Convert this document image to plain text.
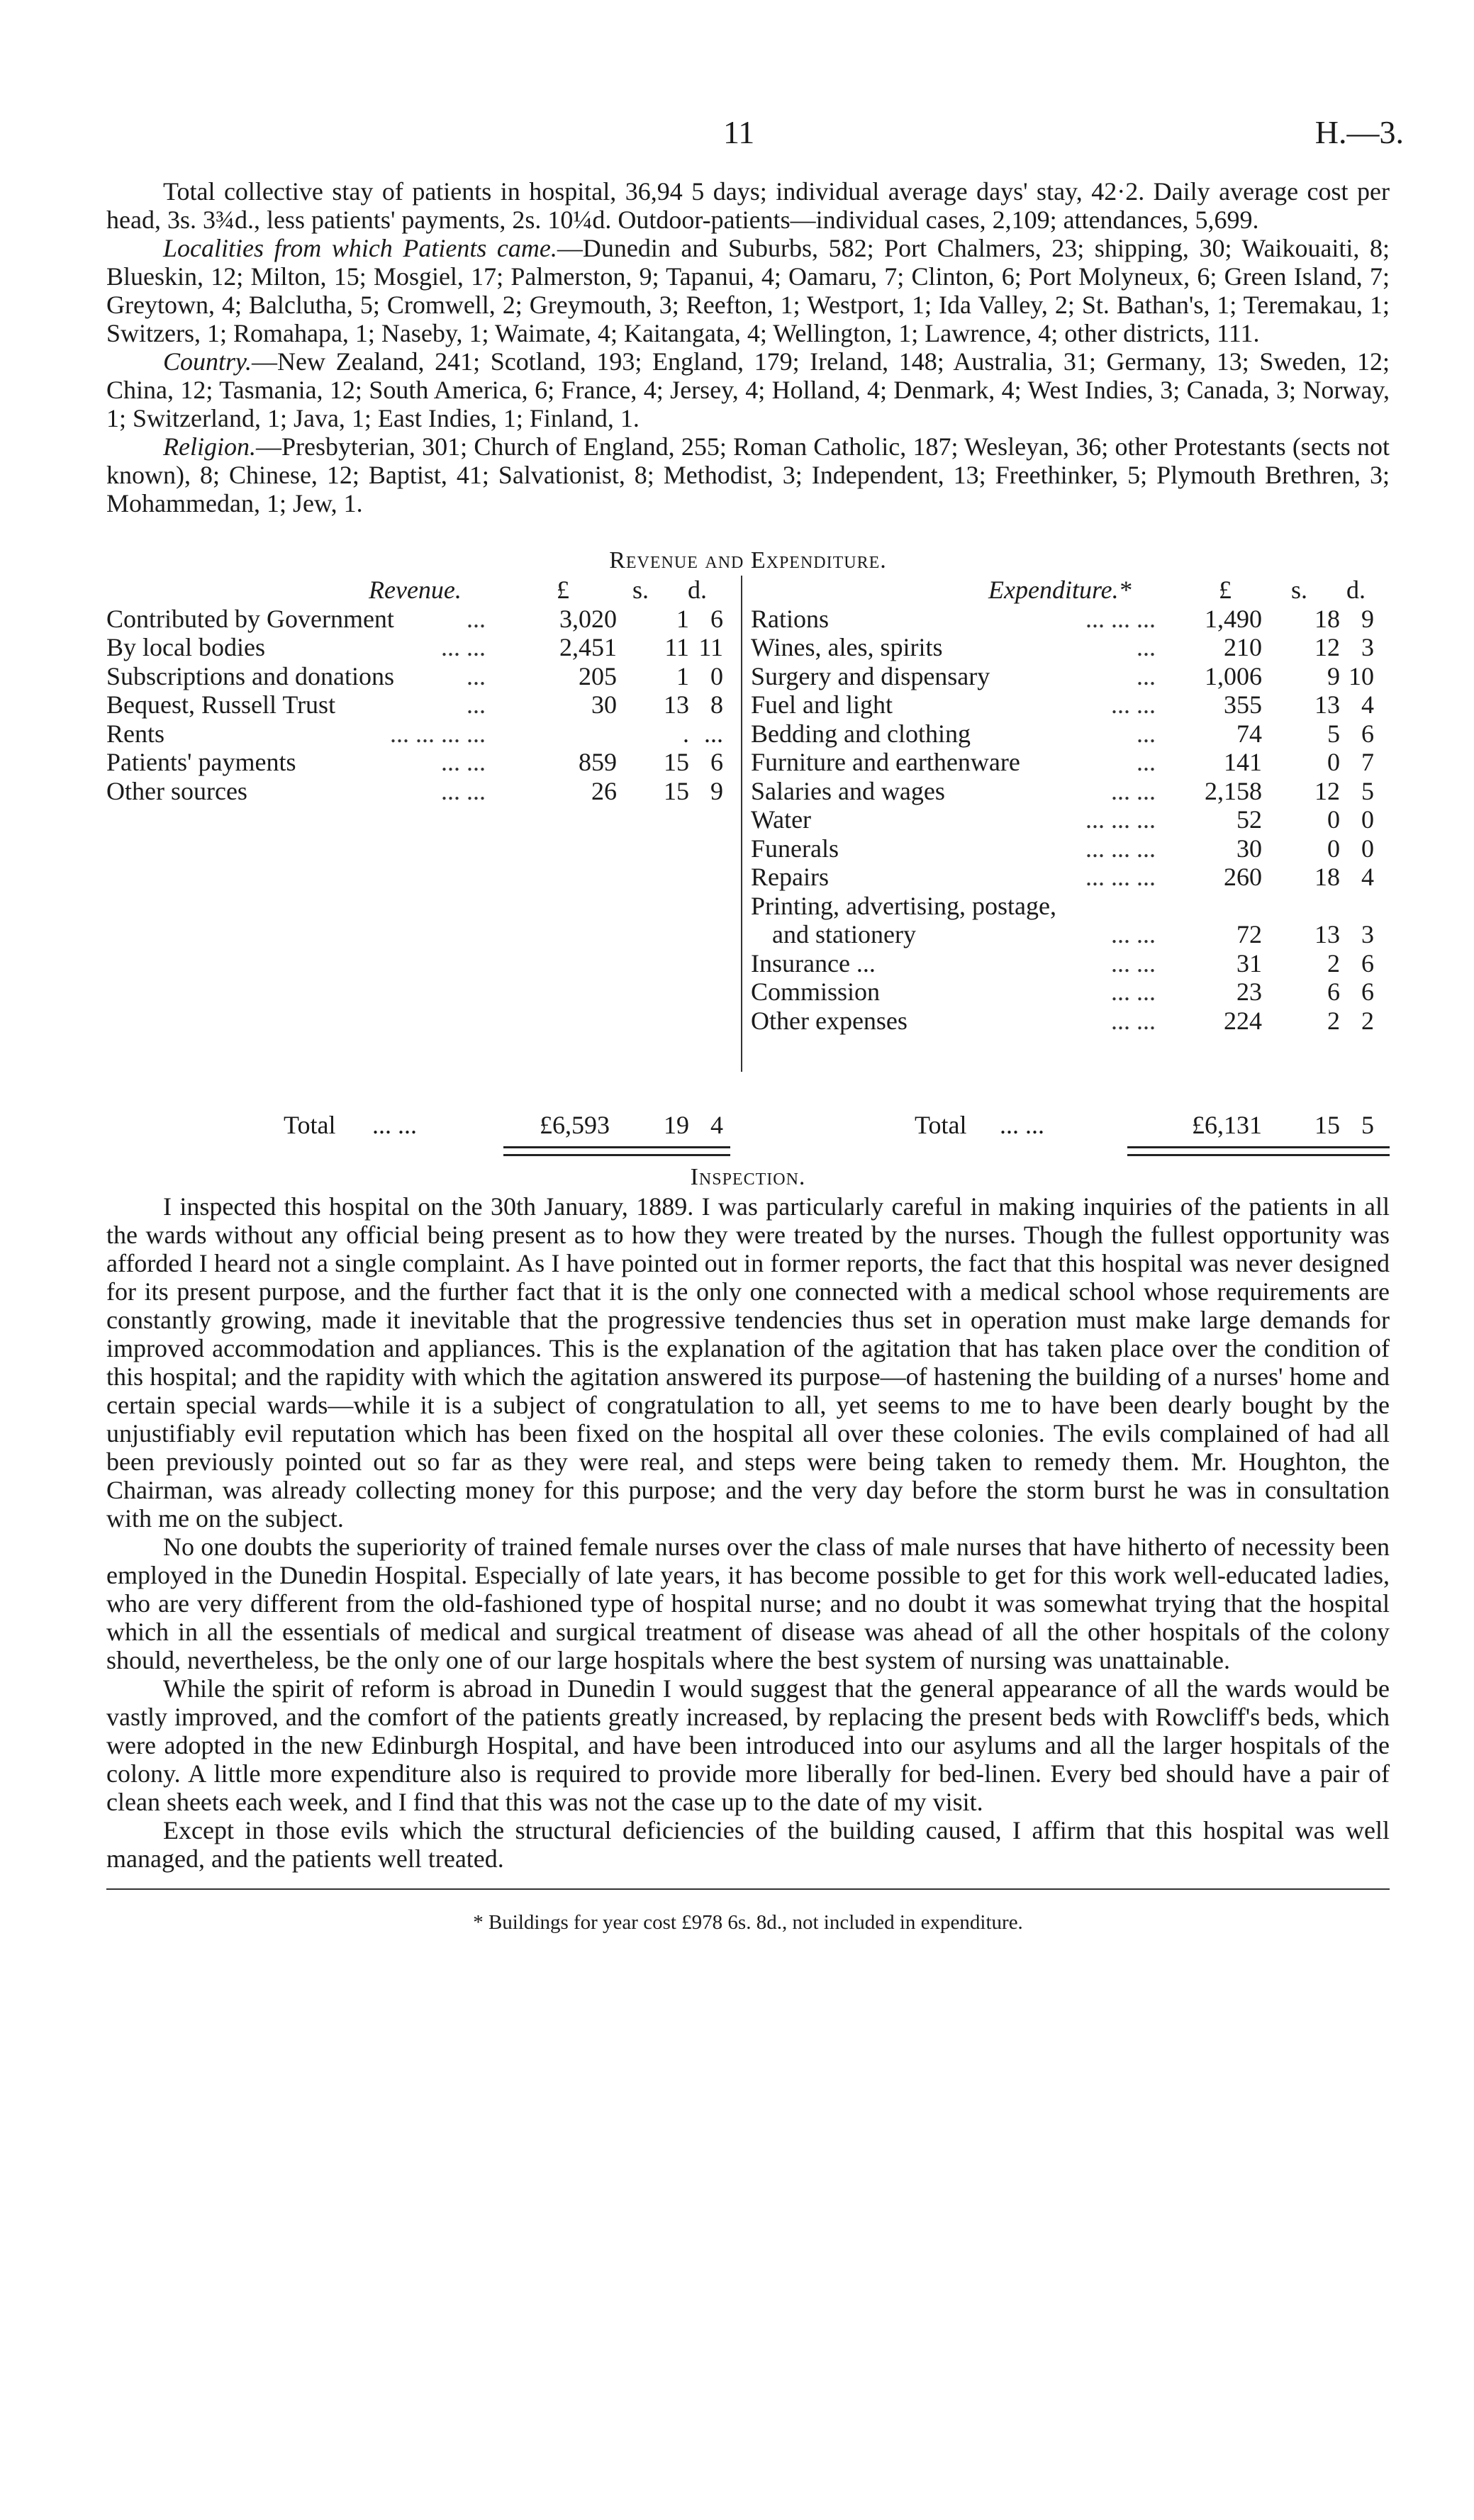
11	H.—3.

Total collective stay of patients in hospital, 36,94 5 days; individual average days' stay, 42·2. Daily average cost per head, 3s. 3¾d., less patients' payments, 2s. 10¼d. Outdoor-patients—individual cases, 2,109; attendances, 5,699.

Localities from which Patients came.—Dunedin and Suburbs, 582; Port Chalmers, 23; shipping, 30; Waikouaiti, 8; Blueskin, 12; Milton, 15; Mosgiel, 17; Palmerston, 9; Tapanui, 4; Oamaru, 7; Clinton, 6; Port Molyneux, 6; Green Island, 7; Greytown, 4; Balclutha, 5; Cromwell, 2; Greymouth, 3; Reefton, 1; Westport, 1; Ida Valley, 2; St. Bathan's, 1; Teremakau, 1; Switzers, 1; Romahapa, 1; Naseby, 1; Waimate, 4; Kaitangata, 4; Wellington, 1; Lawrence, 4; other districts, 111.

Country.—New Zealand, 241; Scotland, 193; England, 179; Ireland, 148; Australia, 31; Germany, 13; Sweden, 12; China, 12; Tasmania, 12; South America, 6; France, 4; Jersey, 4; Holland, 4; Denmark, 4; West Indies, 3; Canada, 3; Norway, 1; Switzerland, 1; Java, 1; East Indies, 1; Finland, 1.

Religion.—Presbyterian, 301; Church of England, 255; Roman Catholic, 187; Wesleyan, 36; other Protestants (sects not known), 8; Chinese, 12; Baptist, 41; Salvationist, 8; Methodist, 3; Independent, 13; Freethinker, 5; Plymouth Brethren, 3; Mohammedan, 1; Jew, 1.

Revenue and Expenditure.
Revenue.	£ s. d.
Contributed by Government	...	3,020 1 6
By local bodies	... ...	2,451 11 11
Subscriptions and donations	...	205 1 0
Bequest, Russell Trust	...	30 13 8
Rents	... ... ... ...	. ...
Patients' payments	... ...	859 15 6
Other sources	... ...	26 15 9
Expenditure.*	£ s. d.
Rations	... ... ... 1,490 18 9
Wines, ales, spirits	...	210 12 3
Surgery and dispensary	... 1,006	9 10
Fuel and light	... ...	355 13 4
Bedding and clothing	...	74	5 6
Furniture and earthenware	...	141	0 7
Salaries and wages	... ... 2,158 12 5
Water	... ... ...	52	0 0
Funerals	... ... ...	30	0 0
Repairs	... ... ...	260 18 4
Printing, advertising, postage,
and stationery	... ...	72 13 3
Insurance ...	... ...	31	2 6
Commission	... ...	23	6 6
Other expenses	... ...	224	2 2
Total ... ...	£6,593 19 4	Total ... ...	£6,131 15 5
Inspection.

I inspected this hospital on the 30th January, 1889. I was particularly careful in making inquiries of the patients in all the wards without any official being present as to how they were treated by the nurses. Though the fullest opportunity was afforded I heard not a single complaint. As I have pointed out in former reports, the fact that this hospital was never designed for its present purpose, and the further fact that it is the only one connected with a medical school whose requirements are constantly growing, made it inevitable that the progressive tendencies thus set in operation must make large demands for improved accommodation and appliances. This is the explanation of the agitation that has taken place over the condition of this hospital; and the rapidity with which the agitation answered its purpose—of hastening the building of a nurses' home and certain special wards—while it is a subject of congratulation to all, yet seems to me to have been dearly bought by the unjustifiably evil reputation which has been fixed on the hospital all over these colonies. The evils complained of had all been previously pointed out so far as they were real, and steps were being taken to remedy them. Mr. Houghton, the Chairman, was already collecting money for this purpose; and the very day before the storm burst he was in consultation with me on the subject.

No one doubts the superiority of trained female nurses over the class of male nurses that have hitherto of necessity been employed in the Dunedin Hospital. Especially of late years, it has become possible to get for this work well-educated ladies, who are very different from the old-fashioned type of hospital nurse; and no doubt it was somewhat trying that the hospital which in all the essentials of medical and surgical treatment of disease was ahead of all the other hospitals of the colony should, nevertheless, be the only one of our large hospitals where the best system of nursing was unattainable.

While the spirit of reform is abroad in Dunedin I would suggest that the general appearance of all the wards would be vastly improved, and the comfort of the patients greatly increased, by replacing the present beds with Rowcliff's beds, which were adopted in the new Edinburgh Hospital, and have been introduced into our asylums and all the larger hospitals of the colony. A little more expenditure also is required to provide more liberally for bed-linen. Every bed should have a pair of clean sheets each week, and I find that this was not the case up to the date of my visit.

Except in those evils which the structural deficiencies of the building caused, I affirm that this hospital was well managed, and the patients well treated.

* Buildings for year cost £978 6s. 8d., not included in expenditure.
